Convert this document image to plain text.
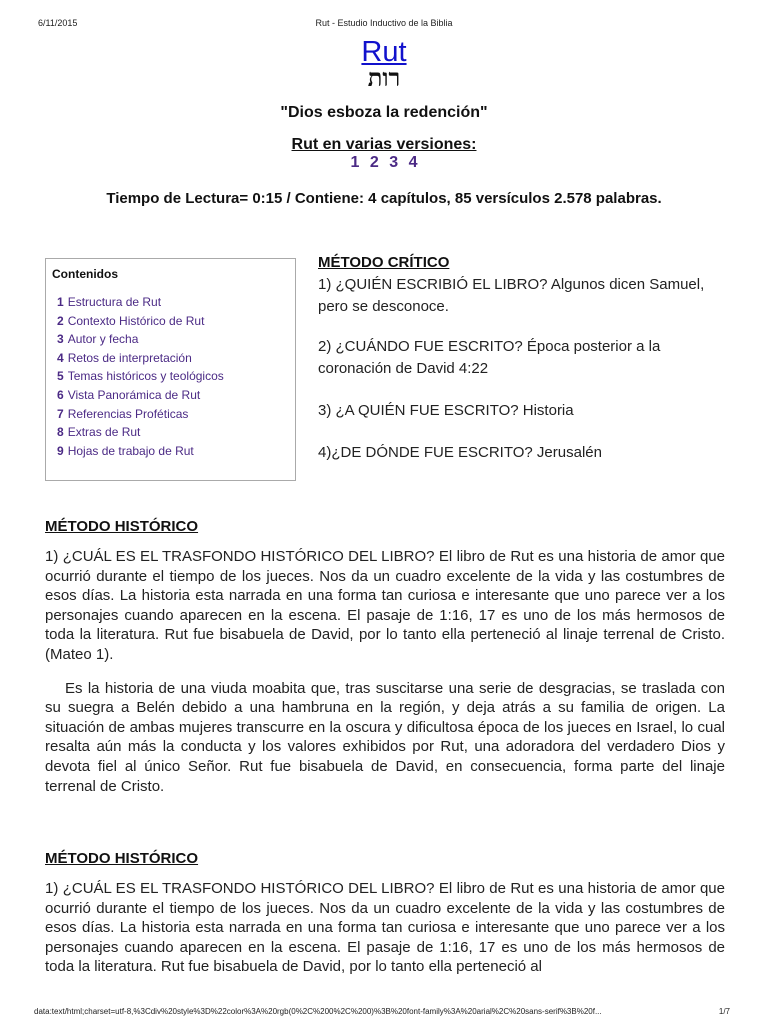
6/11/2015	Rut - Estudio Inductivo de la Biblia
Rut
רות
"Dios esboza la redención"
Rut en varias versiones:
1 2 3 4
Tiempo de Lectura= 0:15 / Contiene: 4 capítulos, 85 versículos 2.578 palabras.
Contenidos
1 Estructura de Rut
2 Contexto Histórico de Rut
3 Autor y fecha
4 Retos de interpretación
5 Temas históricos y teológicos
6 Vista Panorámica de Rut
7 Referencias Proféticas
8 Extras de Rut
9 Hojas de trabajo de Rut
MÉTODO CRÍTICO

1) ¿QUIÉN ESCRIBIÓ EL LIBRO? Algunos dicen Samuel, pero se desconoce.

2) ¿CUÁNDO FUE ESCRITO? Época posterior a la coronación de David 4:22

3) ¿A QUIÉN FUE ESCRITO? Historia

4)¿DE DÓNDE FUE ESCRITO? Jerusalén

MÉTODO HISTÓRICO

1) ¿CUÁL ES EL TRASFONDO HISTÓRICO DEL LIBRO? El libro de Rut es una historia de amor que ocurrió durante el tiempo de los jueces. Nos da un cuadro excelente de la vida y las costumbres de esos días. La historia esta narrada en una forma tan curiosa e interesante que uno parece ver a los personajes cuando aparecen en la escena. El pasaje de 1:16, 17 es uno de los más hermosos de toda la literatura. Rut fue bisabuela de David, por lo tanto ella perteneció al linaje terrenal de Cristo. (Mateo 1).

Es la historia de una viuda moabita que, tras suscitarse una serie de desgracias, se traslada con su suegra a Belén debido a una hambruna en la región, y deja atrás a su familia de origen. La situación de ambas mujeres transcurre en la oscura y dificultosa época de los jueces en Israel, lo cual resalta aún más la conducta y los valores exhibidos por Rut, una adoradora del verdadero Dios y devota fiel al único Señor. Rut fue bisabuela de David, en consecuencia, forma parte del linaje terrenal de Cristo.

MÉTODO HISTÓRICO

1) ¿CUÁL ES EL TRASFONDO HISTÓRICO DEL LIBRO? El libro de Rut es una historia de amor que ocurrió durante el tiempo de los jueces. Nos da un cuadro excelente de la vida y las costumbres de esos días. La historia esta narrada en una forma tan curiosa e interesante que uno parece ver a los personajes cuando aparecen en la escena. El pasaje de 1:16, 17 es uno de los más hermosos de toda la literatura. Rut fue bisabuela de David, por lo tanto ella perteneció al

data:text/html;charset=utf-8,%3Cdiv%20style%3D%22color%3A%20rgb(0%2C%200%2C%200)%3B%20font-family%3A%20arial%2C%20sans-serif%3B%20f...	1/7
